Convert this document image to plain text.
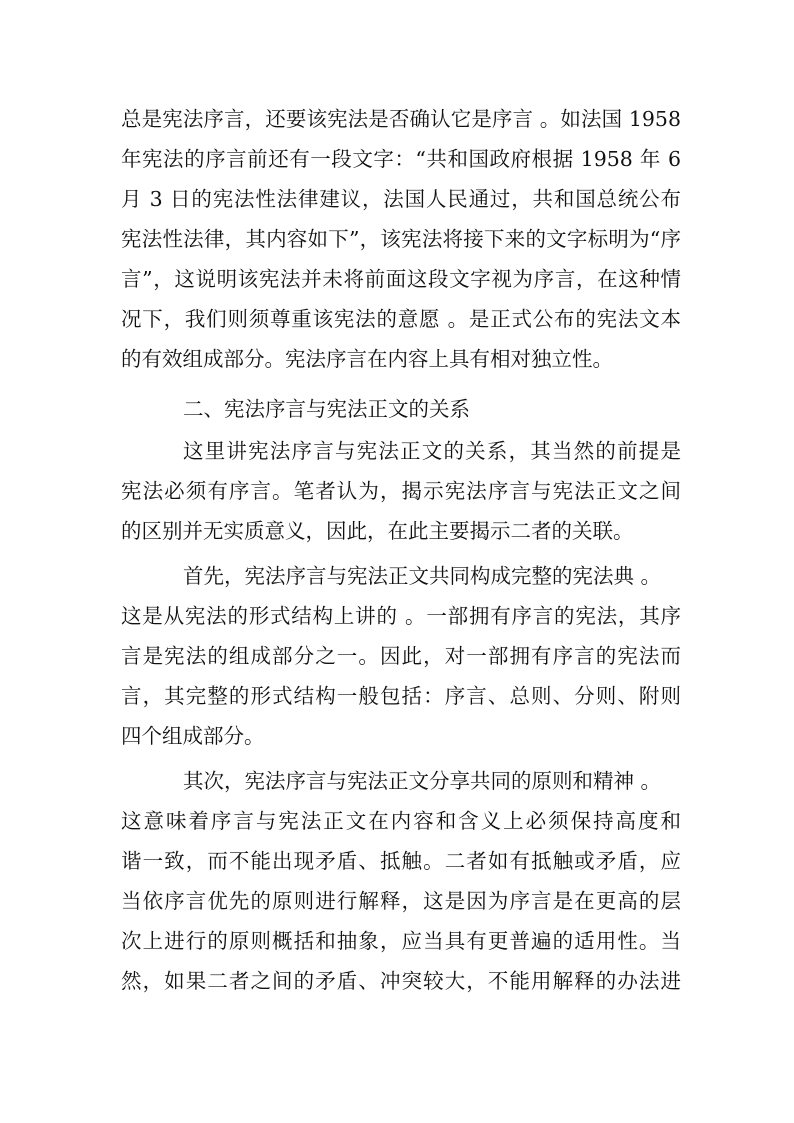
总是宪法序言，还要该宪法是否确认它是序言 。如法国 1958
年宪法的序言前还有一段文字：“共和国政府根据 1958 年 6
月 3 日的宪法性法律建议，法国人民通过，共和国总统公布
宪法性法律，其内容如下”，该宪法将接下来的文字标明为“序
言”，这说明该宪法并未将前面这段文字视为序言，在这种情
况下，我们则须尊重该宪法的意愿 。是正式公布的宪法文本
的有效组成部分。宪法序言在内容上具有相对独立性。
二、宪法序言与宪法正文的关系
这里讲宪法序言与宪法正文的关系，其当然的前提是
宪法必须有序言。笔者认为，揭示宪法序言与宪法正文之间
的区别并无实质意义，因此，在此主要揭示二者的关联。
首先，宪法序言与宪法正文共同构成完整的宪法典 。
这是从宪法的形式结构上讲的 。一部拥有序言的宪法，其序
言是宪法的组成部分之一。因此，对一部拥有序言的宪法而
言，其完整的形式结构一般包括：序言、总则、分则、附则
四个组成部分。
其次，宪法序言与宪法正文分享共同的原则和精神 。
这意味着序言与宪法正文在内容和含义上必须保持高度和
谐一致，而不能出现矛盾、抵触。二者如有抵触或矛盾，应
当依序言优先的原则进行解释，这是因为序言是在更高的层
次上进行的原则概括和抽象，应当具有更普遍的适用性。当
然，如果二者之间的矛盾、冲突较大，不能用解释的办法进
